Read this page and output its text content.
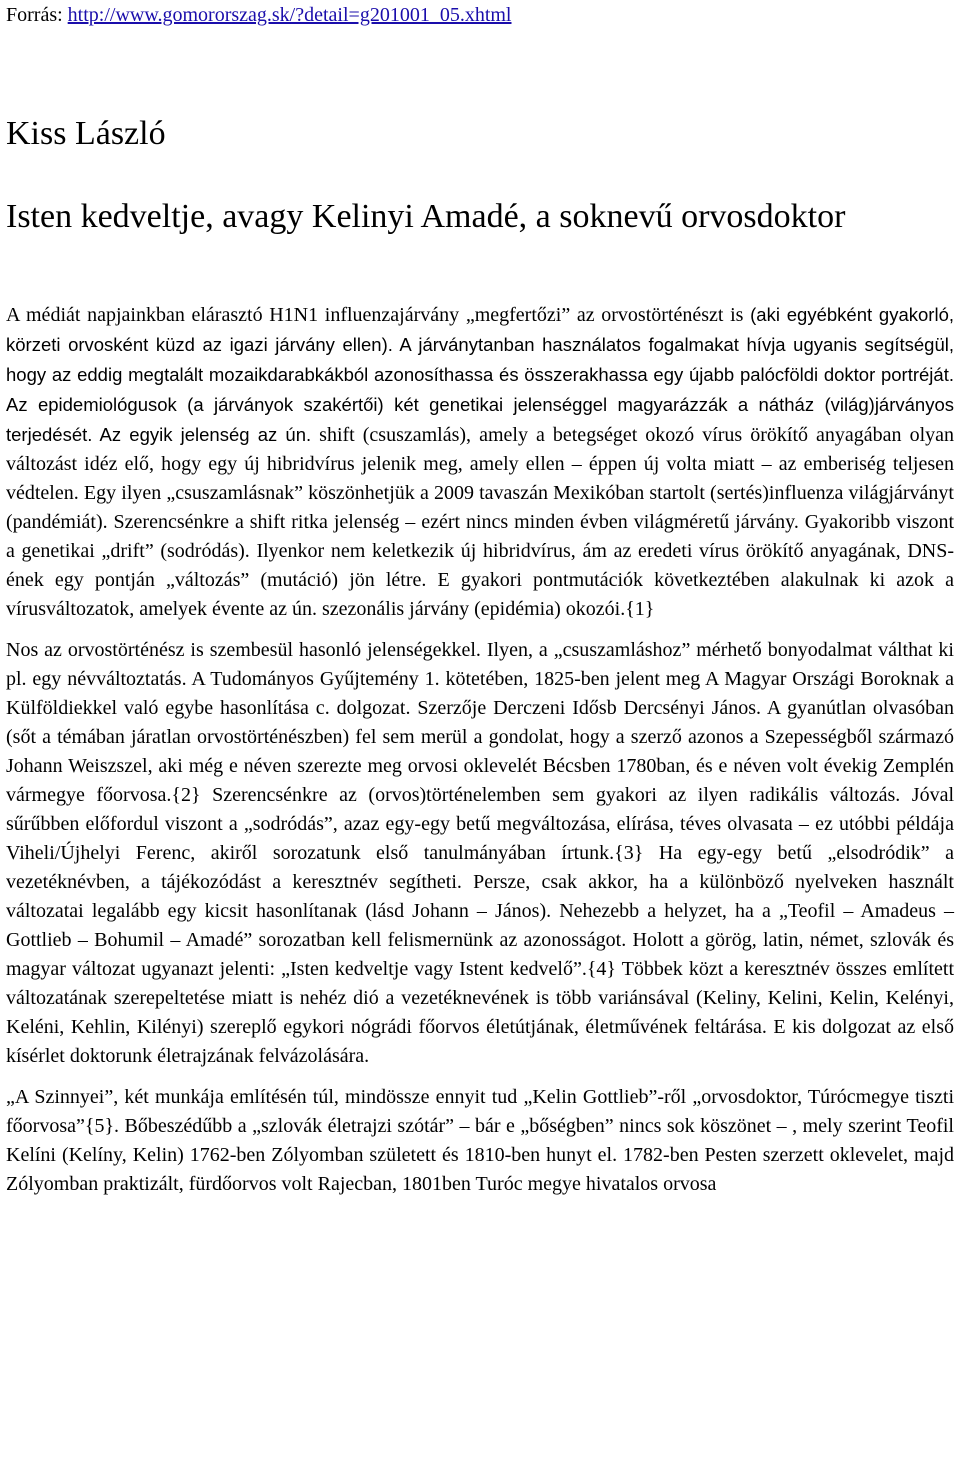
Forrás: http://www.gomororszag.sk/?detail=g201001_05.xhtml

Kiss László
Isten kedveltje, avagy Kelinyi Amadé, a soknevű orvosdoktor

A médiát napjainkban elárasztó H1N1 influenzajárvány „megfertőzi” az orvostörténészt is (aki egyébként gyakorló, körzeti orvosként küzd az igazi járvány ellen). A járványtanban használatos fogalmakat hívja ugyanis segítségül, hogy az eddig megtalált mozaikdarabkákból azonosíthassa és összerakhassa egy újabb palócföldi doktor portréját. Az epidemiológusok (a járványok szakértői) két genetikai jelenséggel magyarázzák a nátház (világ)járványos terjedését. Az egyik jelenség az ún. shift (csuszamlás), amely a betegséget okozó vírus örökítő anyagában olyan változást idéz elő, hogy egy új hibridvírus jelenik meg, amely ellen – éppen új volta miatt – az emberiség teljesen védtelen. Egy ilyen „csuszamlásnak” köszönhetjük a 2009 tavaszán Mexikóban startolt (sertés)influenza világjárványt (pandémiát). Szerencsénkre a shift ritka jelenség – ezért nincs minden évben világméretű járvány. Gyakoribb viszont a genetikai „drift” (sodródás). Ilyenkor nem keletkezik új hibridvírus, ám az eredeti vírus örökítő anyagának, DNS-ének egy pontján „változás” (mutáció) jön létre. E gyakori pontmutációk következtében alakulnak ki azok a vírusváltozatok, amelyek évente az ún. szezonális járvány (epidémia) okozói.{1}

Nos az orvostörténész is szembesül hasonló jelenségekkel. Ilyen, a „csuszamláshoz” mérhető bonyodalmat válthat ki pl. egy névváltoztatás. A Tudományos Gyűjtemény 1. kötetében, 1825-ben jelent meg A Magyar Országi Boroknak a Külföldiekkel való egybe hasonlítása c. dolgozat. Szerzője Derczeni Idősb Dercsényi János. A gyanútlan olvasóban (sőt a témában járatlan orvostörténészben) fel sem merül a gondolat, hogy a szerző azonos a Szepességből származó Johann Weiszszel, aki még e néven szerezte meg orvosi oklevelét Bécsben 1780ban, és e néven volt évekig Zemplén vármegye főorvosa.{2} Szerencsénkre az (orvos)történelemben sem gyakori az ilyen radikális változás. Jóval sűrűbben előfordul viszont a „sodródás”, azaz egy-egy betű megváltozása, elírása, téves olvasata – ez utóbbi példája Viheli/Újhelyi Ferenc, akiről sorozatunk első tanulmányában írtunk.{3} Ha egy-egy betű „elsodródik” a vezetéknévben, a tájékozódást a keresztnév segítheti. Persze, csak akkor, ha a különböző nyelveken használt változatai legalább egy kicsit hasonlítanak (lásd Johann – János). Nehezebb a helyzet, ha a „Teofil – Amadeus – Gottlieb – Bohumil – Amadé” sorozatban kell felismernünk az azonosságot. Holott a görög, latin, német, szlovák és magyar változat ugyanazt jelenti: „Isten kedveltje vagy Istent kedvelő”.{4} Többek közt a keresztnév összes említett változatának szerepeltetése miatt is nehéz dió a vezetéknevének is több variánsával (Keliny, Kelini, Kelin, Kelényi, Keléni, Kehlin, Kilényi) szereplő egykori nógrádi főorvos életútjának, életművének feltárása. E kis dolgozat az első kísérlet doktorunk életrajzának felvázolására.

„A Szinnyei”, két munkája említésén túl, mindössze ennyit tud „Kelin Gottlieb”-ről „orvosdoktor, Túrócmegye tiszti főorvosa”{5}. Bőbeszédűbb a „szlovák életrajzi szótár” – bár e „bőségben” nincs sok köszönet – , mely szerint Teofil Kelíni (Kelíny, Kelin) 1762-ben Zólyomban született és 1810-ben hunyt el. 1782-ben Pesten szerzett oklevelet, majd Zólyomban praktizált, fürdőorvos volt Rajecban, 1801ben Turóc megye hivatalos orvosa
